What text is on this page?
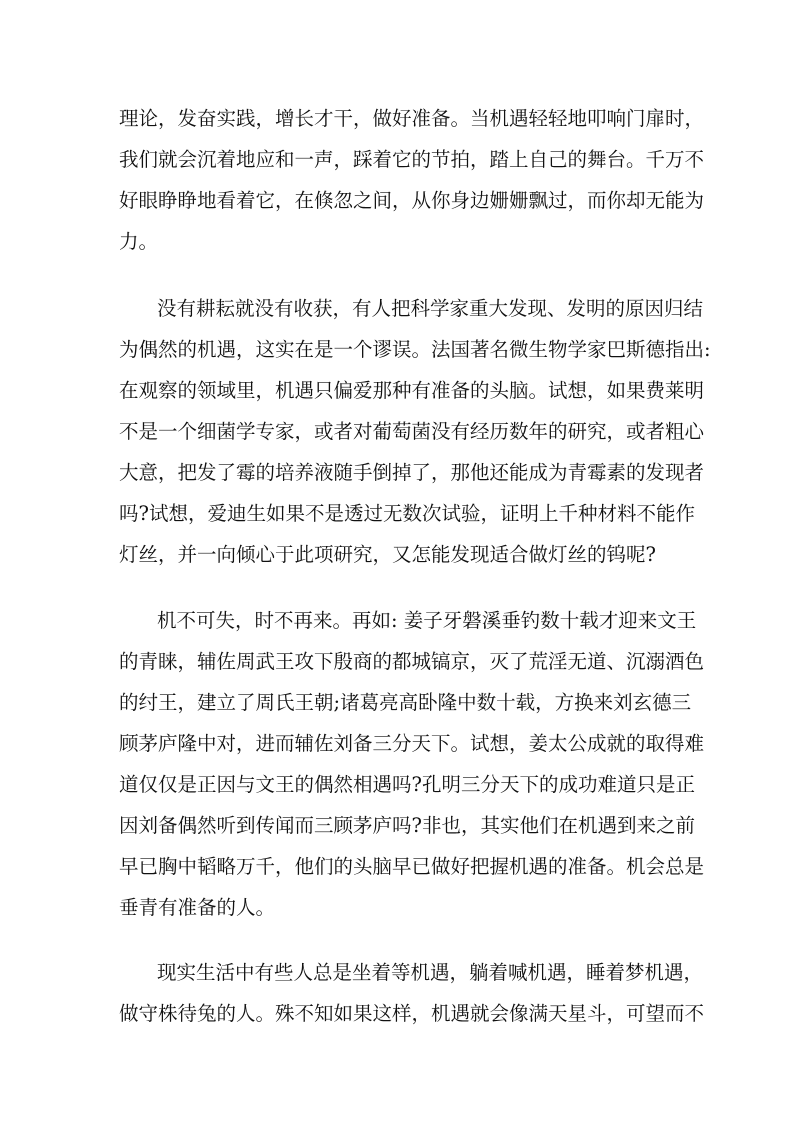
理论，发奋实践，增长才干，做好准备。当机遇轻轻地叩响门扉时，
我们就会沉着地应和一声，踩着它的节拍，踏上自己的舞台。千万不
好眼睁睁地看着它，在倏忽之间，从你身边姗姗飘过，而你却无能为
力。
没有耕耘就没有收获，有人把科学家重大发现、发明的原因归结
为偶然的机遇，这实在是一个谬误。法国著名微生物学家巴斯德指出:
在观察的领域里，机遇只偏爱那种有准备的头脑。试想，如果费莱明
不是一个细菌学专家，或者对葡萄菌没有经历数年的研究，或者粗心
大意，把发了霉的培养液随手倒掉了，那他还能成为青霉素的发现者
吗?试想，爱迪生如果不是透过无数次试验，证明上千种材料不能作
灯丝，并一向倾心于此项研究，又怎能发现适合做灯丝的钨呢?
机不可失，时不再来。再如: 姜子牙磐溪垂钓数十载才迎来文王
的青睐，辅佐周武王攻下殷商的都城镐京，灭了荒淫无道、沉溺酒色
的纣王，建立了周氏王朝;诸葛亮高卧隆中数十载，方换来刘玄德三
顾茅庐隆中对，进而辅佐刘备三分天下。试想，姜太公成就的取得难
道仅仅是正因与文王的偶然相遇吗?孔明三分天下的成功难道只是正
因刘备偶然听到传闻而三顾茅庐吗?非也，其实他们在机遇到来之前
早已胸中韬略万千，他们的头脑早已做好把握机遇的准备。机会总是
垂青有准备的人。
现实生活中有些人总是坐着等机遇，躺着喊机遇，睡着梦机遇，
做守株待兔的人。殊不知如果这样，机遇就会像满天星斗，可望而不
